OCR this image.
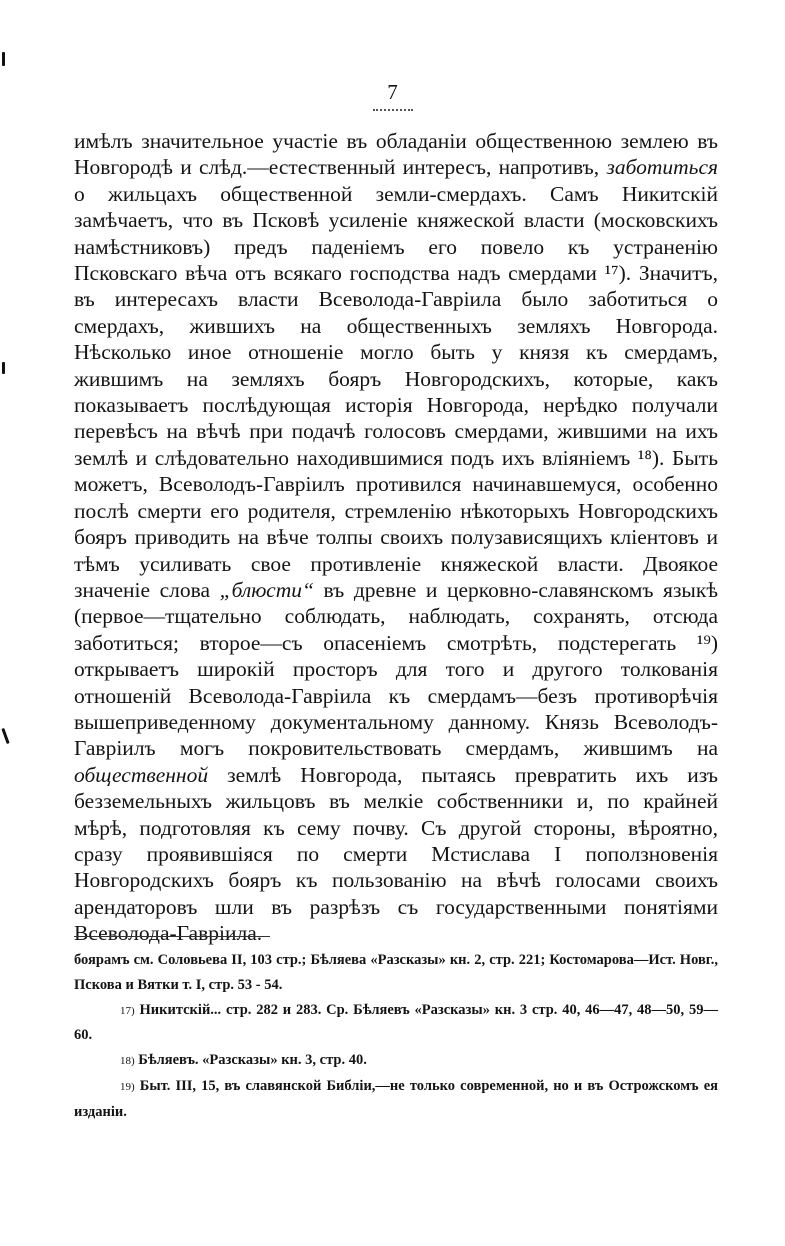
7
имѣлъ значительное участіе въ обладаніи общественною землею въ Новгородѣ и слѣд.—естественный интересъ, напротивъ, заботиться о жильцахъ общественной земли-смердахъ. Самъ Никитскій замѣчаетъ, что въ Псковѣ усиленіе княжеской власти (московскихъ намѣстниковъ) предъ паденіемъ его повело къ устраненію Псковскаго вѣча отъ всякаго господства надъ смердами ¹⁷). Значитъ, въ интересахъ власти Всеволода-Гавріила было заботиться о смердахъ, жившихъ на общественныхъ земляхъ Новгорода. Нѣсколько иное отношеніе могло быть у князя къ смердамъ, жившимъ на земляхъ бояръ Новгородскихъ, которые, какъ показываетъ послѣдующая исторія Новгорода, нерѣдко получали перевѣсъ на вѣчѣ при подачѣ голосовъ смердами, жившими на ихъ землѣ и слѣдовательно находившимися подъ ихъ вліяніемъ ¹⁸). Быть можетъ, Всеволодъ-Гавріилъ противился начинавшемуся, особенно послѣ смерти его родителя, стремленію нѣкоторыхъ Новгородскихъ бояръ приводить на вѣче толпы своихъ полузависящихъ кліентовъ и тѣмъ усиливать свое противленіе княжеской власти. Двоякое значеніе слова „блюсти“ въ древне и церковно-славянскомъ языкѣ (первое—тщательно соблюдать, наблюдать, сохранять, отсюда заботиться; второе—съ опасеніемъ смотрѣть, подстерегать ¹⁹) открываетъ широкій просторъ для того и другого толкованія отношеній Всеволода-Гавріила къ смердамъ—безъ противорѣчія вышеприведенному документальному данному. Князь Всеволодъ-Гавріилъ могъ покровительствовать смердамъ, жившимъ на общественной землѣ Новгорода, пытаясь превратить ихъ изъ безземельныхъ жильцовъ въ мелкіе собственники и, по крайней мѣрѣ, подготовляя къ сему почву. Съ другой стороны, вѣроятно, сразу проявившіяся по смерти Мстислава I поползновенія Новгородскихъ бояръ къ пользованію на вѣчѣ голосами своихъ арендаторовъ шли въ разрѣзъ съ государственными понятіями Всеволода-Гавріила.

боярамъ см. Соловьева II, 103 стр.; Бѣляева «Разсказы» кн. 2, стр. 221; Костомарова—Ист. Новг., Пскова и Вятки т. I, стр. 53 - 54.

17) Никитскій... стр. 282 и 283. Ср. Бѣляевъ «Разсказы» кн. 3 стр. 40, 46—47, 48—50, 59—60.

18) Бѣляевъ. «Разсказы» кн. 3, стр. 40.

19) Быт. III, 15, въ славянской Библіи,—не только современной, но и въ Острожскомъ ея изданіи.
